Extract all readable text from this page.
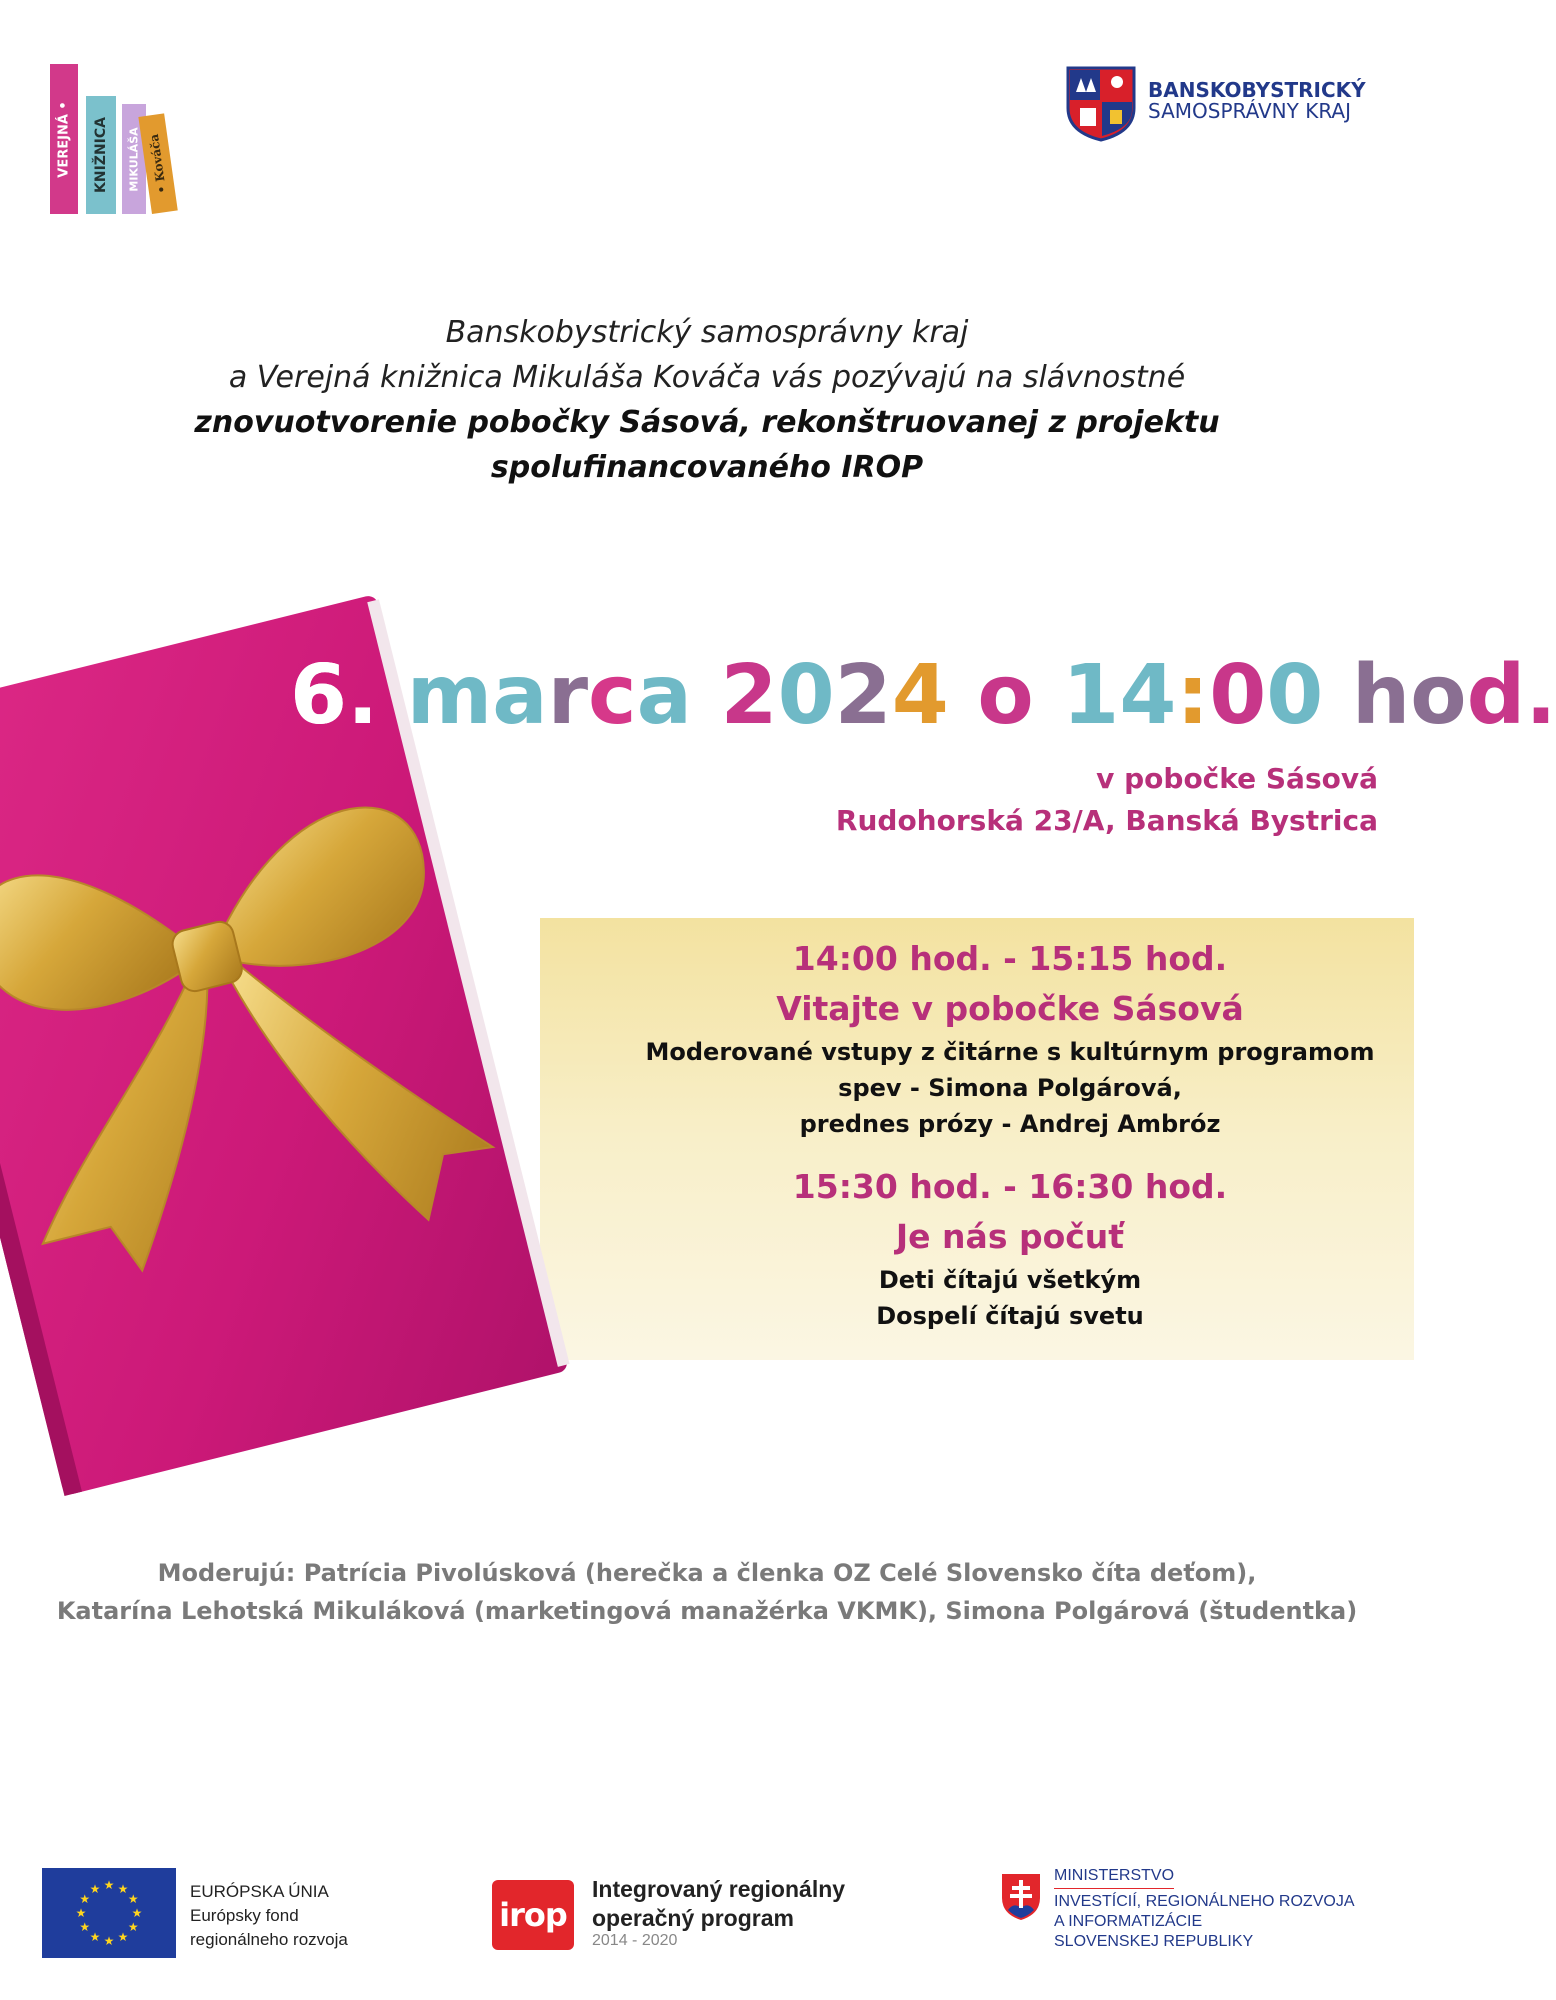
VEREJNÁ • KNIŽNICA MIKULÁŠA • Kováča
BANSKOBYSTRICKÝ
SAMOSPRÁVNY KRAJ
Banskobystrický samosprávny kraj
a Verejná knižnica Mikuláša Kováča vás pozývajú na slávnostné
znovuotvorenie pobočky Sásová, rekonštruovanej z projektu
spolufinancovaného IROP
6. marca 2024 o 14:00 hod.
v pobočke Sásová
Rudohorská 23/A, Banská Bystrica
14:00 hod. - 15:15 hod.
Vitajte v pobočke Sásová
Moderované vstupy z čitárne s kultúrnym programom
spev - Simona Polgárová,
prednes prózy - Andrej Ambróz
15:30 hod. - 16:30 hod.
Je nás počuť
Deti čítajú všetkým
Dospelí čítajú svetu
Moderujú: Patrícia Pivolúsková (herečka a členka OZ Celé Slovensko číta deťom),
Katarína Lehotská Mikuláková (marketingová manažérka VKMK), Simona Polgárová (študentka)
★
★
★
★
★
★
★
★
★ ★ ★
★	EURÓPSKA ÚNIA
Európsky fond
regionálneho rozvoja
irop
Integrovaný regionálny
operačný program
2014 - 2020
MINISTERSTVO
INVESTÍCIÍ, REGIONÁLNEHO ROZVOJA
A INFORMATIZÁCIE
SLOVENSKEJ REPUBLIKY
